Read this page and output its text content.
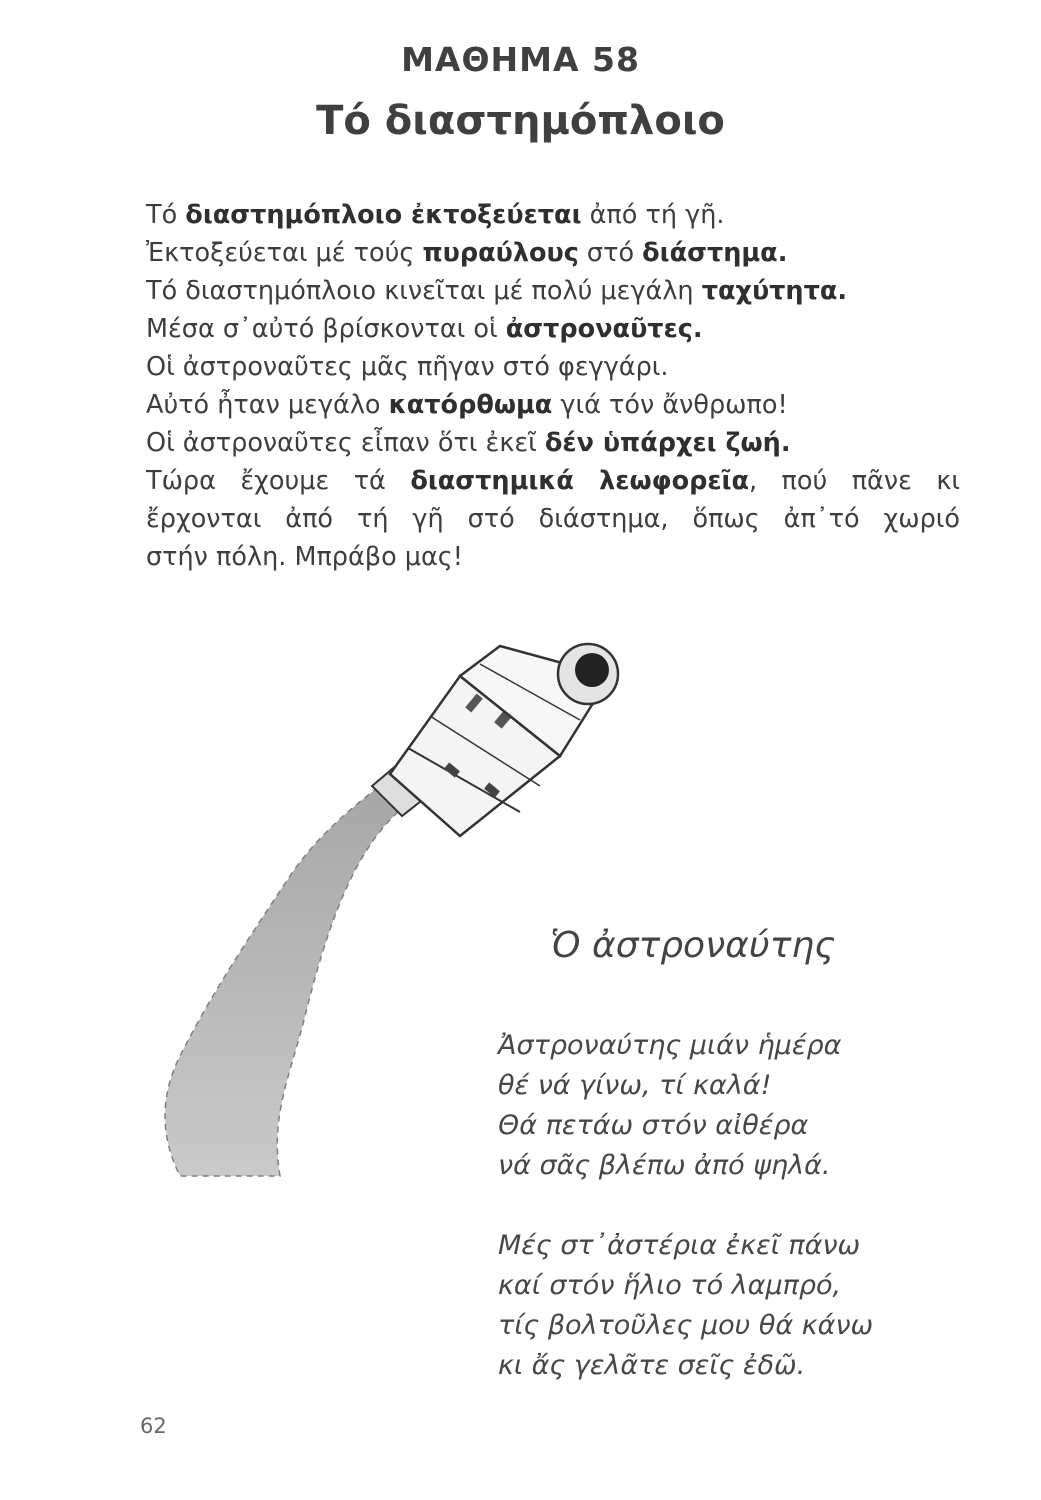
ΜΑΘΗΜΑ 58
Τό διαστημόπλοιο
Τό διαστημόπλοιο ἐκτοξεύεται ἀπό τή γῆ.
Ἐκτοξεύεται μέ τούς πυραύλους στό διάστημα.
Τό διαστημόπλοιο κινεῖται μέ πολύ μεγάλη ταχύτητα.
Μέσα σ᾿αὐτό βρίσκονται οἱ ἀστροναῦτες.
Οἱ ἀστροναῦτες μᾶς πῆγαν στό φεγγάρι.
Αὐτό ἦταν μεγάλο κατόρθωμα γιά τόν ἄνθρωπο!
Οἱ ἀστροναῦτες εἶπαν ὅτι ἐκεῖ δέν ὑπάρχει ζωή.
Τώρα ἔχουμε τά διαστημικά λεωφορεῖα, πού πᾶνε κι
ἔρχονται ἀπό τή γῆ στό διάστημα, ὅπως ἀπ᾿τό χωριό
στήν πόλη. Μπράβο μας!
Ὁ ἀστροναύτης
Ἀστροναύτης μιάν ἡμέρα
θέ νά γίνω, τί καλά!
Θά πετάω στόν αἰθέρα
νά σᾶς βλέπω ἀπό ψηλά.
Μές στ᾿ἀστέρια ἐκεῖ πάνω
καί στόν ἥλιο τό λαμπρό,
τίς βολτοῦλες μου θά κάνω
κι ἄς γελᾶτε σεῖς ἐδῶ.
62
